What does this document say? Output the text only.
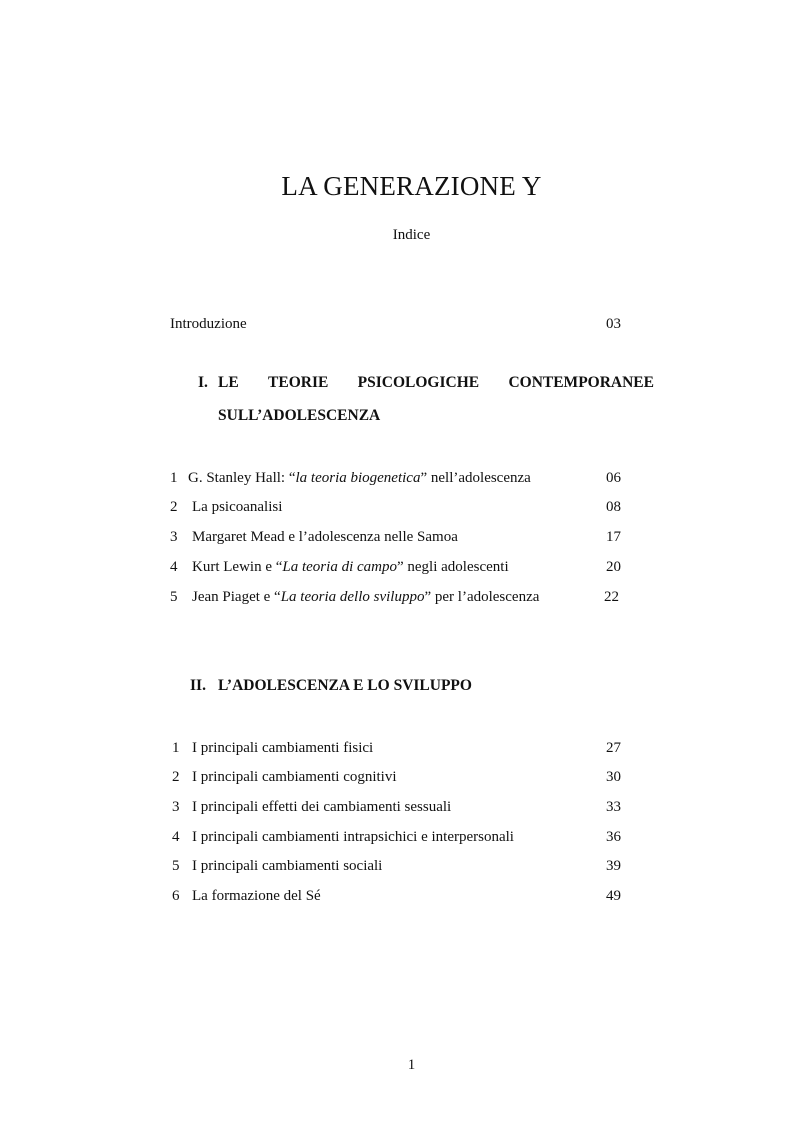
LA GENERAZIONE Y
Indice
Introduzione	03
I. LE TEORIE PSICOLOGICHE CONTEMPORANEE
SULL’ADOLESCENZA
1 G. Stanley Hall: “la teoria biogenetica” nell’adolescenza	06
2 La psicoanalisi	08
3 Margaret Mead e l’adolescenza nelle Samoa	17
4 Kurt Lewin e “La teoria di campo” negli adolescenti	20
5 Jean Piaget e “La teoria dello sviluppo” per l’adolescenza	22
II. L’ADOLESCENZA E LO SVILUPPO
1 I principali cambiamenti fisici	27
2 I principali cambiamenti cognitivi	30
3 I principali effetti dei cambiamenti sessuali	33
4 I principali cambiamenti intrapsichici e interpersonali	36
5 I principali cambiamenti sociali	39
6 La formazione del Sé	49
1
